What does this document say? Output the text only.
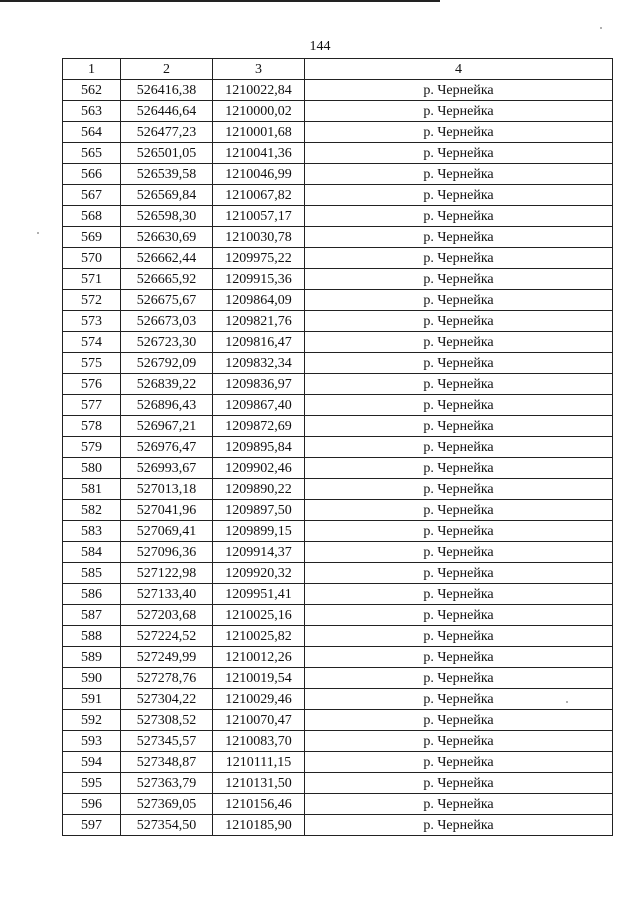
144
1	2	3	4
562	526416,38	1210022,84	р. Чернейка
563	526446,64	1210000,02	р. Чернейка
564	526477,23	1210001,68	р. Чернейка
565	526501,05	1210041,36	р. Чернейка
566	526539,58	1210046,99	р. Чернейка
567	526569,84	1210067,82	р. Чернейка
568	526598,30	1210057,17	р. Чернейка
569	526630,69	1210030,78	р. Чернейка
570	526662,44	1209975,22	р. Чернейка
571	526665,92	1209915,36	р. Чернейка
572	526675,67	1209864,09	р. Чернейка
573	526673,03	1209821,76	р. Чернейка
574	526723,30	1209816,47	р. Чернейка
575	526792,09	1209832,34	р. Чернейка
576	526839,22	1209836,97	р. Чернейка
577	526896,43	1209867,40	р. Чернейка
578	526967,21	1209872,69	р. Чернейка
579	526976,47	1209895,84	р. Чернейка
580	526993,67	1209902,46	р. Чернейка
581	527013,18	1209890,22	р. Чернейка
582	527041,96	1209897,50	р. Чернейка
583	527069,41	1209899,15	р. Чернейка
584	527096,36	1209914,37	р. Чернейка
585	527122,98	1209920,32	р. Чернейка
586	527133,40	1209951,41	р. Чернейка
587	527203,68	1210025,16	р. Чернейка
588	527224,52	1210025,82	р. Чернейка
589	527249,99	1210012,26	р. Чернейка
590	527278,76	1210019,54	р. Чернейка
591	527304,22	1210029,46	р. Чернейка
592	527308,52	1210070,47	р. Чернейка
593	527345,57	1210083,70	р. Чернейка
594	527348,87	1210111,15	р. Чернейка
595	527363,79	1210131,50	р. Чернейка
596	527369,05	1210156,46	р. Чернейка
597	527354,50	1210185,90	р. Чернейка
